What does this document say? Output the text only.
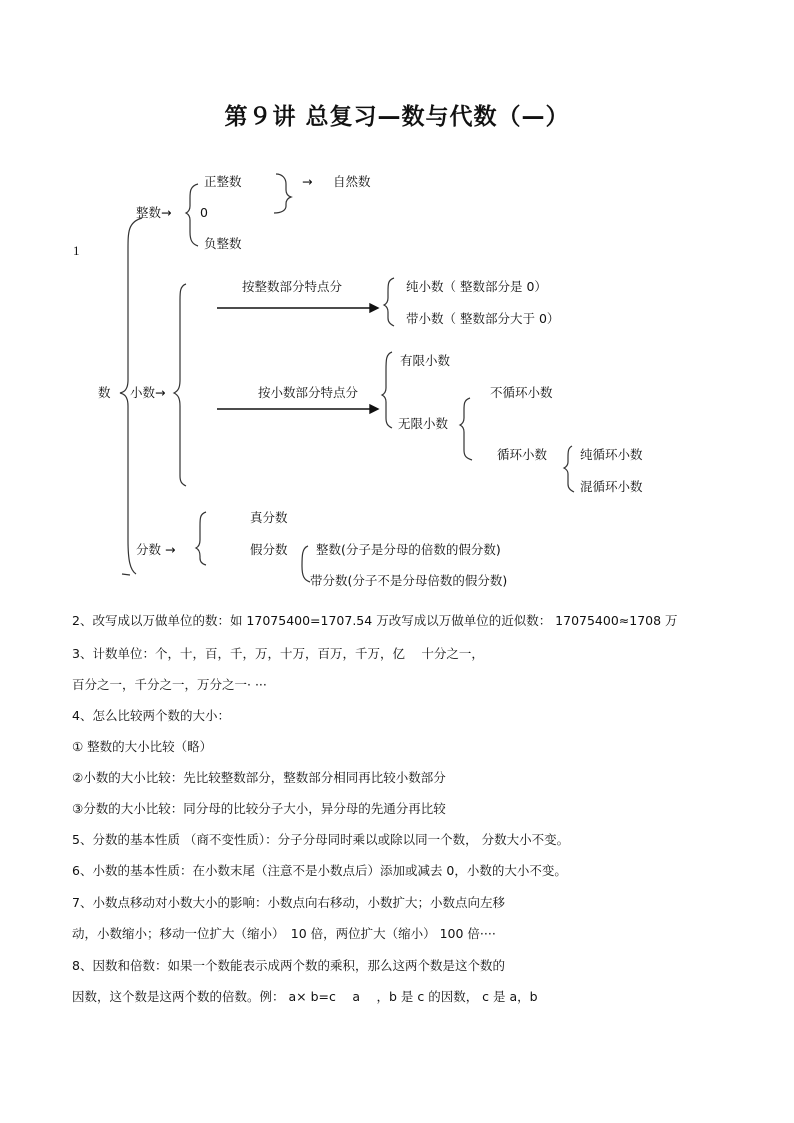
第９讲 总复习—数与代数（—）
1
数
整数→
正整数
0
负整数
→ 自然数
小数→
按整数部分特点分	纯小数（ 整数部分是 0）
带小数（ 整数部分大于 0）
按小数部分特点分
有限小数
无限小数
不循环小数
循环小数	纯循环小数
混循环小数
分数 →
真分数
假分数 整数(分子是分母的倍数的假分数)
带分数(分子不是分母倍数的假分数)
2、改写成以万做单位的数：如 17075400=1707.54 万改写成以万做单位的近似数： 17075400≈1708 万
3、计数单位：个，十，百，千，万，十万，百万，千万，亿　 十分之一，
百分之一，千分之一，万分之一· ···
4、怎么比较两个数的大小：
① 整数的大小比较（略）
②小数的大小比较：先比较整数部分，整数部分相同再比较小数部分
③分数的大小比较：同分母的比较分子大小，异分母的先通分再比较
5、分数的基本性质 （商不变性质）：分子分母同时乘以或除以同一个数， 分数大小不变。
6、小数的基本性质：在小数末尾（注意不是小数点后）添加或减去 0，小数的大小不变。
7、小数点移动对小数大小的影响：小数点向右移动，小数扩大；小数点向左移
动，小数缩小；移动一位扩大（缩小）　10 倍，两位扩大（缩小） 100 倍····
8、因数和倍数：如果一个数能表示成两个数的乘积，那么这两个数是这个数的
因数，这个数是这两个数的倍数。例： a× b=c　 a　 ，b 是 c 的因数， c 是 a，b
